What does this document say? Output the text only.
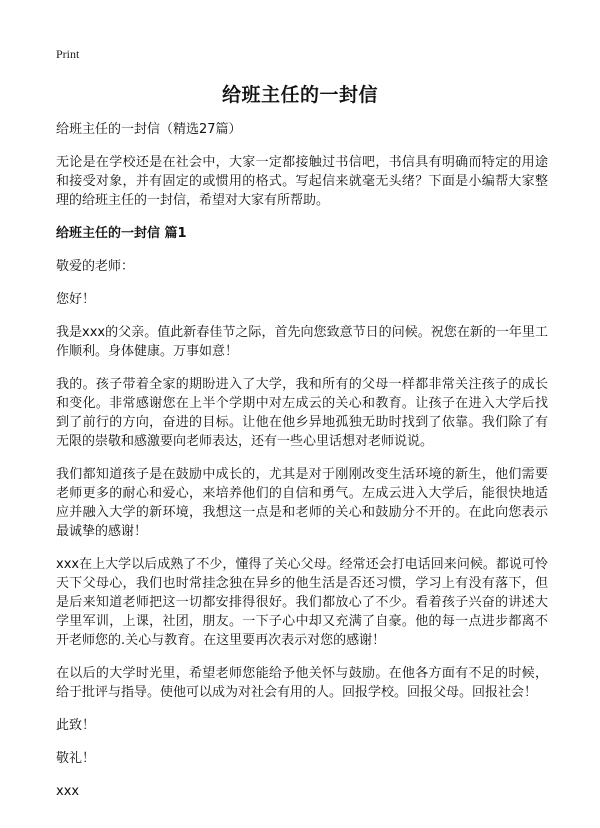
Print
给班主任的一封信

给班主任的一封信（精选27篇）

无论是在学校还是在社会中，大家一定都接触过书信吧，书信具有明确而特定的用途和接受对象，并有固定的或惯用的格式。写起信来就毫无头绪？下面是小编帮大家整理的给班主任的一封信，希望对大家有所帮助。

给班主任的一封信 篇1

敬爱的老师：

您好！

我是xxx的父亲。值此新春佳节之际，首先向您致意节日的问候。祝您在新的一年里工作顺利。身体健康。万事如意！

我的。孩子带着全家的期盼进入了大学，我和所有的父母一样都非常关注孩子的成长和变化。非常感谢您在上半个学期中对左成云的关心和教育。让孩子在进入大学后找到了前行的方向，奋进的目标。让他在他乡异地孤独无助时找到了依靠。我们除了有无限的崇敬和感激要向老师表达，还有一些心里话想对老师说说。

我们都知道孩子是在鼓励中成长的，尤其是对于刚刚改变生活环境的新生，他们需要老师更多的耐心和爱心，来培养他们的自信和勇气。左成云进入大学后，能很快地适应并融入大学的新环境，我想这一点是和老师的关心和鼓励分不开的。在此向您表示最诚挚的感谢！

xxx在上大学以后成熟了不少，懂得了关心父母。经常还会打电话回来问候。都说可怜天下父母心，我们也时常挂念独在异乡的他生活是否还习惯，学习上有没有落下，但是后来知道老师把这一切都安排得很好。我们都放心了不少。看着孩子兴奋的讲述大学里军训，上课，社团，朋友。一下子心中却又充满了自豪。他的每一点进步都离不开老师您的.关心与教育。在这里要再次表示对您的感谢！

在以后的大学时光里，希望老师您能给予他关怀与鼓励。在他各方面有不足的时候，给于批评与指导。使他可以成为对社会有用的人。回报学校。回报父母。回报社会！

此致！

敬礼！

xxx
